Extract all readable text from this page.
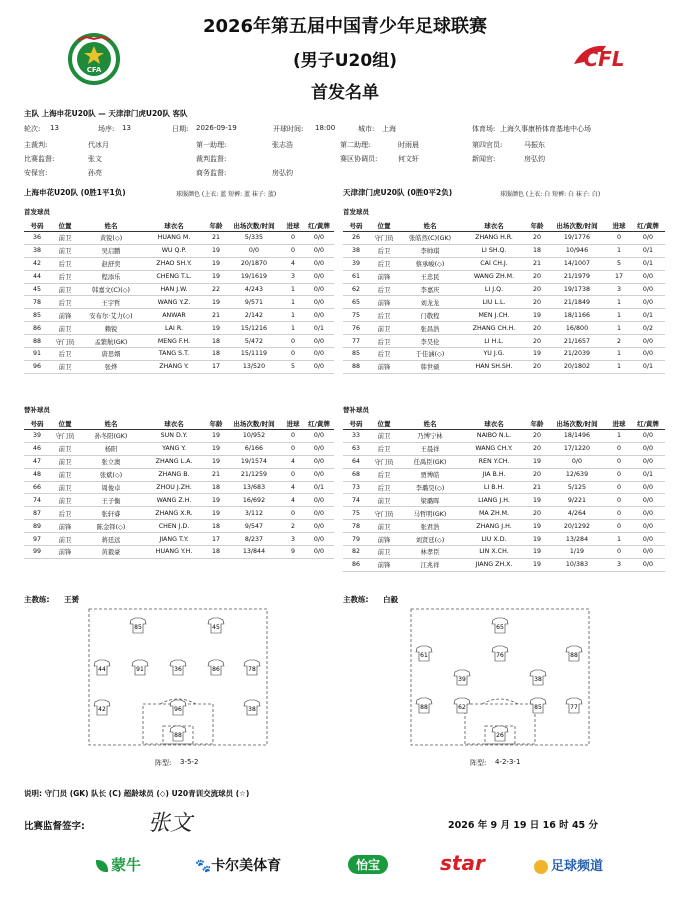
2026年第五届中国青少年足球联赛
(男子U20组)
首发名单
CFA	CFL
主队 上海申花U20队 — 天津津门虎U20队 客队
轮次: 13	场序: 13	日期: 2026-09-19	开球时间: 18:00	城市: 上海	体育场: 上海久事康桥体育基地中心场
主裁判:	代冰月	第一助理:	张志浩	第二助理:	时雨晨	第四官员:	马振东
比赛监督:	张文	裁判监督:	赛区协调员:	何文轩	新闻官:	房弘钧
安保官:	孙亮	商务监督:	房弘钧
上海申花U20队 (0胜1平1负)	球服颜色 (上衣: 蓝 短裤: 蓝 袜子: 蓝)	天津津门虎U20队 (0胜0平2负)	球服颜色 (上衣: 白 短裤: 白 袜子: 白)
首发球员	首发球员
号码	位置	姓名	球衣名	年龄	出场次数/时间	进球	红/黄牌
36	前卫	黄锐(◇)	HUANG M.	21	5/335	0	0/0
38	前卫	吴启鹏	WU Q.P.	19	0/0	0	0/0
42	后卫	赵舒奕	ZHAO SH.Y.	19	20/1870	4	0/0
44	后卫	程添乐	CHENG T.L.	19	19/1619	3	0/0
45	前卫	韩嘉文(C)(◇)	HAN J.W.	22	4/243	1	0/0
78	后卫	王宇哲	WANG Y.Z.	19	9/571	1	0/0
85	前锋	安布尔·艾力(◇)	ANWAR	21	2/142	1	0/0
86	前卫	赖锐	LAI R.	19	15/1216	1	0/1
88	守门员	孟繁航(GK)	MENG F.H.	18	5/472	0	0/0
91	后卫	唐思婿	TANG S.T.	18	15/1119	0	0/0
96	前卫	张烨	ZHANG Y.	17	13/520	5	0/0
号码	位置	姓名	球衣名	年龄	出场次数/时间	进球	红/黄牌
26	守门员	张皓然(C)(GK)	ZHANG H.R.	20	19/1776	0	0/0
38	后卫	李帅琪	LI SH.Q.	18	10/946	1	0/1
39	后卫	蔡承峻(◇)	CAI CH.J.	21	14/1007	5	0/1
61	前锋	王忠民	WANG ZH.M.	20	21/1979	17	0/0
62	后卫	李嘉庆	LI J.Q.	20	19/1738	3	0/0
65	前锋	刘龙龙	LIU L.L.	20	21/1849	1	0/0
75	后卫	门敬程	MEN J.CH.	19	18/1166	1	0/1
76	前卫	张昌浩	ZHANG CH.H.	20	16/800	1	0/2
77	后卫	李昊伦	LI H.L.	20	21/1657	2	0/0
85	后卫	于佳涵(◇)	YU J.G.	19	21/2039	1	0/0
88	前锋	韩世硕	HAN SH.SH.	20	20/1802	1	0/1
替补球员	替补球员
号码	位置	姓名	球衣名	年龄	出场次数/时间	进球	红/黄牌
39	守门员	孙冬阳(GK)	SUN D.Y.	19	10/952	0	0/0
46	前卫	杨阳	YANG Y.	19	6/166	0	0/0
47	前卫	张立澳	ZHANG L.A.	19	19/1574	4	0/0
48	前卫	张斌(◇)	ZHANG B.	21	21/1259	0	0/0
66	前卫	周俊卓	ZHOU J.ZH.	18	13/683	4	0/1
74	前卫	王子衡	WANG Z.H.	19	16/692	4	0/0
87	后卫	张轩睿	ZHANG X.R.	19	3/112	0	0/0
89	前锋	陈金铎(◇)	CHEN J.D.	18	9/547	2	0/0
97	前卫	蒋廷远	JIANG T.Y.	17	8/237	3	0/0
99	前锋	黄毅豪	HUANG Y.H.	18	13/844	9	0/0
号码	位置	姓名	球衣名	年龄	出场次数/时间	进球	红/黄牌
33	前卫	乃博宁林	NAIBO N.L.	20	18/1496	1	0/0
63	后卫	王晨祥	WANG CH.Y.	20	17/1220	0	0/0
64	守门员	任禹臣(GK)	REN Y.CH.	19	0/0	0	0/0
68	后卫	贾博皓	JIA B.H.	20	12/639	0	0/1
73	后卫	李璐昊(◇)	LI B.H.	21	5/125	0	0/0
74	前卫	梁璐晖	LIANG J.H.	19	9/221	0	0/0
75	守门员	马哲明(GK)	MA ZH.M.	20	4/264	0	0/0
78	前卫	张君浩	ZHANG J.H.	19	20/1292	0	0/0
79	前锋	刘贤廷(◇)	LIU X.D.	19	13/284	1	0/0
82	前卫	林孝臣	LIN X.CH.	19	1/19	0	0/0
86	前锋	江兆祥	JIANG ZH.X.	19	10/383	3	0/0
主教练: 王赟	主教练: 白毅
85	45
44	91	36	86	78
42	96	38
88
阵型: 3-5-2
65
61	76	88
39	38
88	62	85	77
26
阵型: 4-2-3-1
说明: 守门员 (GK) 队长 (C) 超龄球员 (◇) U20青训交流球员 (☆)
比赛监督签字:	张文	2026 年 9 月 19 日 16 时 45 分
蒙牛	🐾卡尔美体育	怡宝	star	足球频道
